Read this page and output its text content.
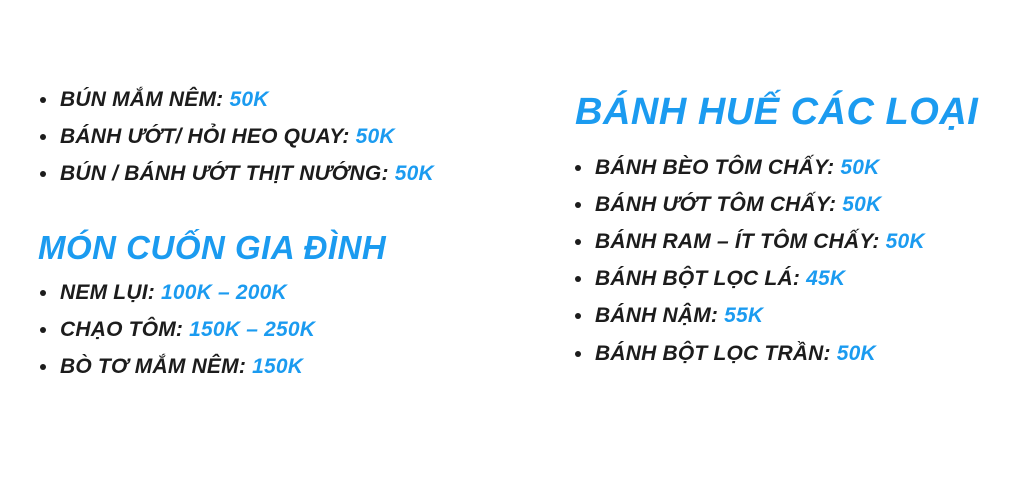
BÚN MẮM NÊM: 50K
BÁNH ƯỚT/ HỎI HEO QUAY: 50K
BÚN / BÁNH ƯỚT THỊT NƯỚNG: 50K
MÓN CUỐN GIA ĐÌNH
NEM LỤI: 100K – 200K
CHẠO TÔM: 150K – 250K
BÒ TƠ MẮM NÊM: 150K
BÁNH HUẾ CÁC LOẠI
BÁNH BÈO TÔM CHẤY: 50K
BÁNH ƯỚT TÔM CHẤY: 50K
BÁNH RAM – ÍT TÔM CHẤY: 50K
BÁNH BỘT LỌC LÁ: 45K
BÁNH NẬM: 55K
BÁNH BỘT LỌC TRẦN: 50K
